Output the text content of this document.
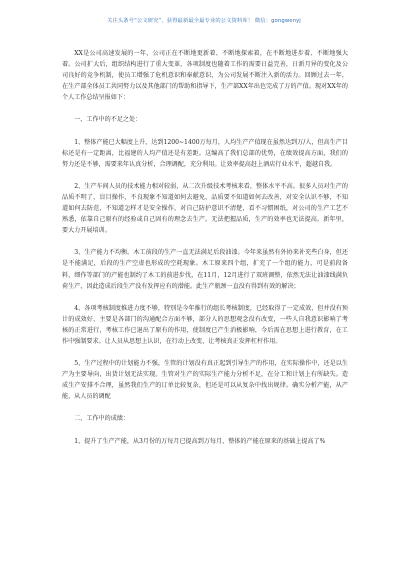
关注头条号“公文研究”，获得最新最全最专业的公文资料库！ 微信：gongwenyj

XX是公司高速发展的一年，公司正在不断地更新着、不断地探索着，在不断地进步着、不断地强大着。公司扩大后，组织结构进行了重大变革，各项制度也随着工作的需要日益完善，日新月异的变化及公司良好的竞争机制，使员工增强了危机意识和奉献意识，为公司发展不断注入新的活力。回顾过去一年，在生产部全体员工共同努力以及其他部门的帮助和指导下，生产部XX年出色完成了万的产值。现对XX年的个人工作总结呈报如下：

一、工作中的不足之处：

1、整体产能已大幅度上升，达到1200~1400万每月，人均生产产值现在虽然达到万/人，但高生产目标还是有一定距离，比福建的人均产值还是有差距。这编高了我们总部的优势，在绩效提高方面，我们的努力还是不够，需要来年认真分析，合理调配，充分利用。让效率提高赶上酒店行业水平，超越自我。

2、生产车间人员的技术能力相对较弱，从二次升级技术考核来看，整体水平不高。很多人员对生产的品质不明了，盲目操作，不良现象不知道如何去避免，品质要不知道如何去改善，对安全认识不够，不知道如何去防范，不知道怎样才是安全操作，对自己防护意识不清楚，看不习惯困纸，对公司的生产工艺不熟悉，依靠自己原有的经验或自己固有的理念去生产。无法把握品质，生产的效率也无法提高。新年里，要大力开展培训。

3、生产能力不均衡。木工前段的生产一直无法满足后段油漆。今年来虽然有外协来补充些白身，但还是不能满足，后段的生产空虚也形成的空耗现象。木工原来四个组，扩充了一个组的能力，可是前段备料，细作等部门的产能也制约了木工的前进步伐，在11月，12月进行了双班调整，依然无法让油漆线满负荷生产，因此造成后段生产没有发挥应有的潜能。此生产瓶颈一直没有得到有效的解决；

4、各项考核制度推进力度不够，特别是今年推行的组长考核制度，已经取得了一定成效，但并没有预计的成效好，主要是各部门的沟通配合方面不够，部分人的思想观念没有改变，一些人自我意识影响了考核的正常进行，考核工作已退出了原有的作用，使制度已产生消极影响，今后需在思想上进行教育，在工作中强制要求。让人员从思想上认识，在行动上改变，让考核真正发挥杠杆作用。

5、生产过程中的计划能力不强，生管的计划没有真正起到引导生产的作用，在实际操作中，还是以生产为主要导向，出货计划无法实现。生管对生产的实际生产能力分析不足，在分工和计划上有所缺失。造成生产安排不合理，虽然我们生产的订单比较复杂，但还是可以从复杂中找出规律。确实分析产能，从产能，从人员的调配

二、工作中的成绩：

1、提升了生产产能，从3月份的万每月已提高到万每月，整体的产能在原来的基础上提高了%
